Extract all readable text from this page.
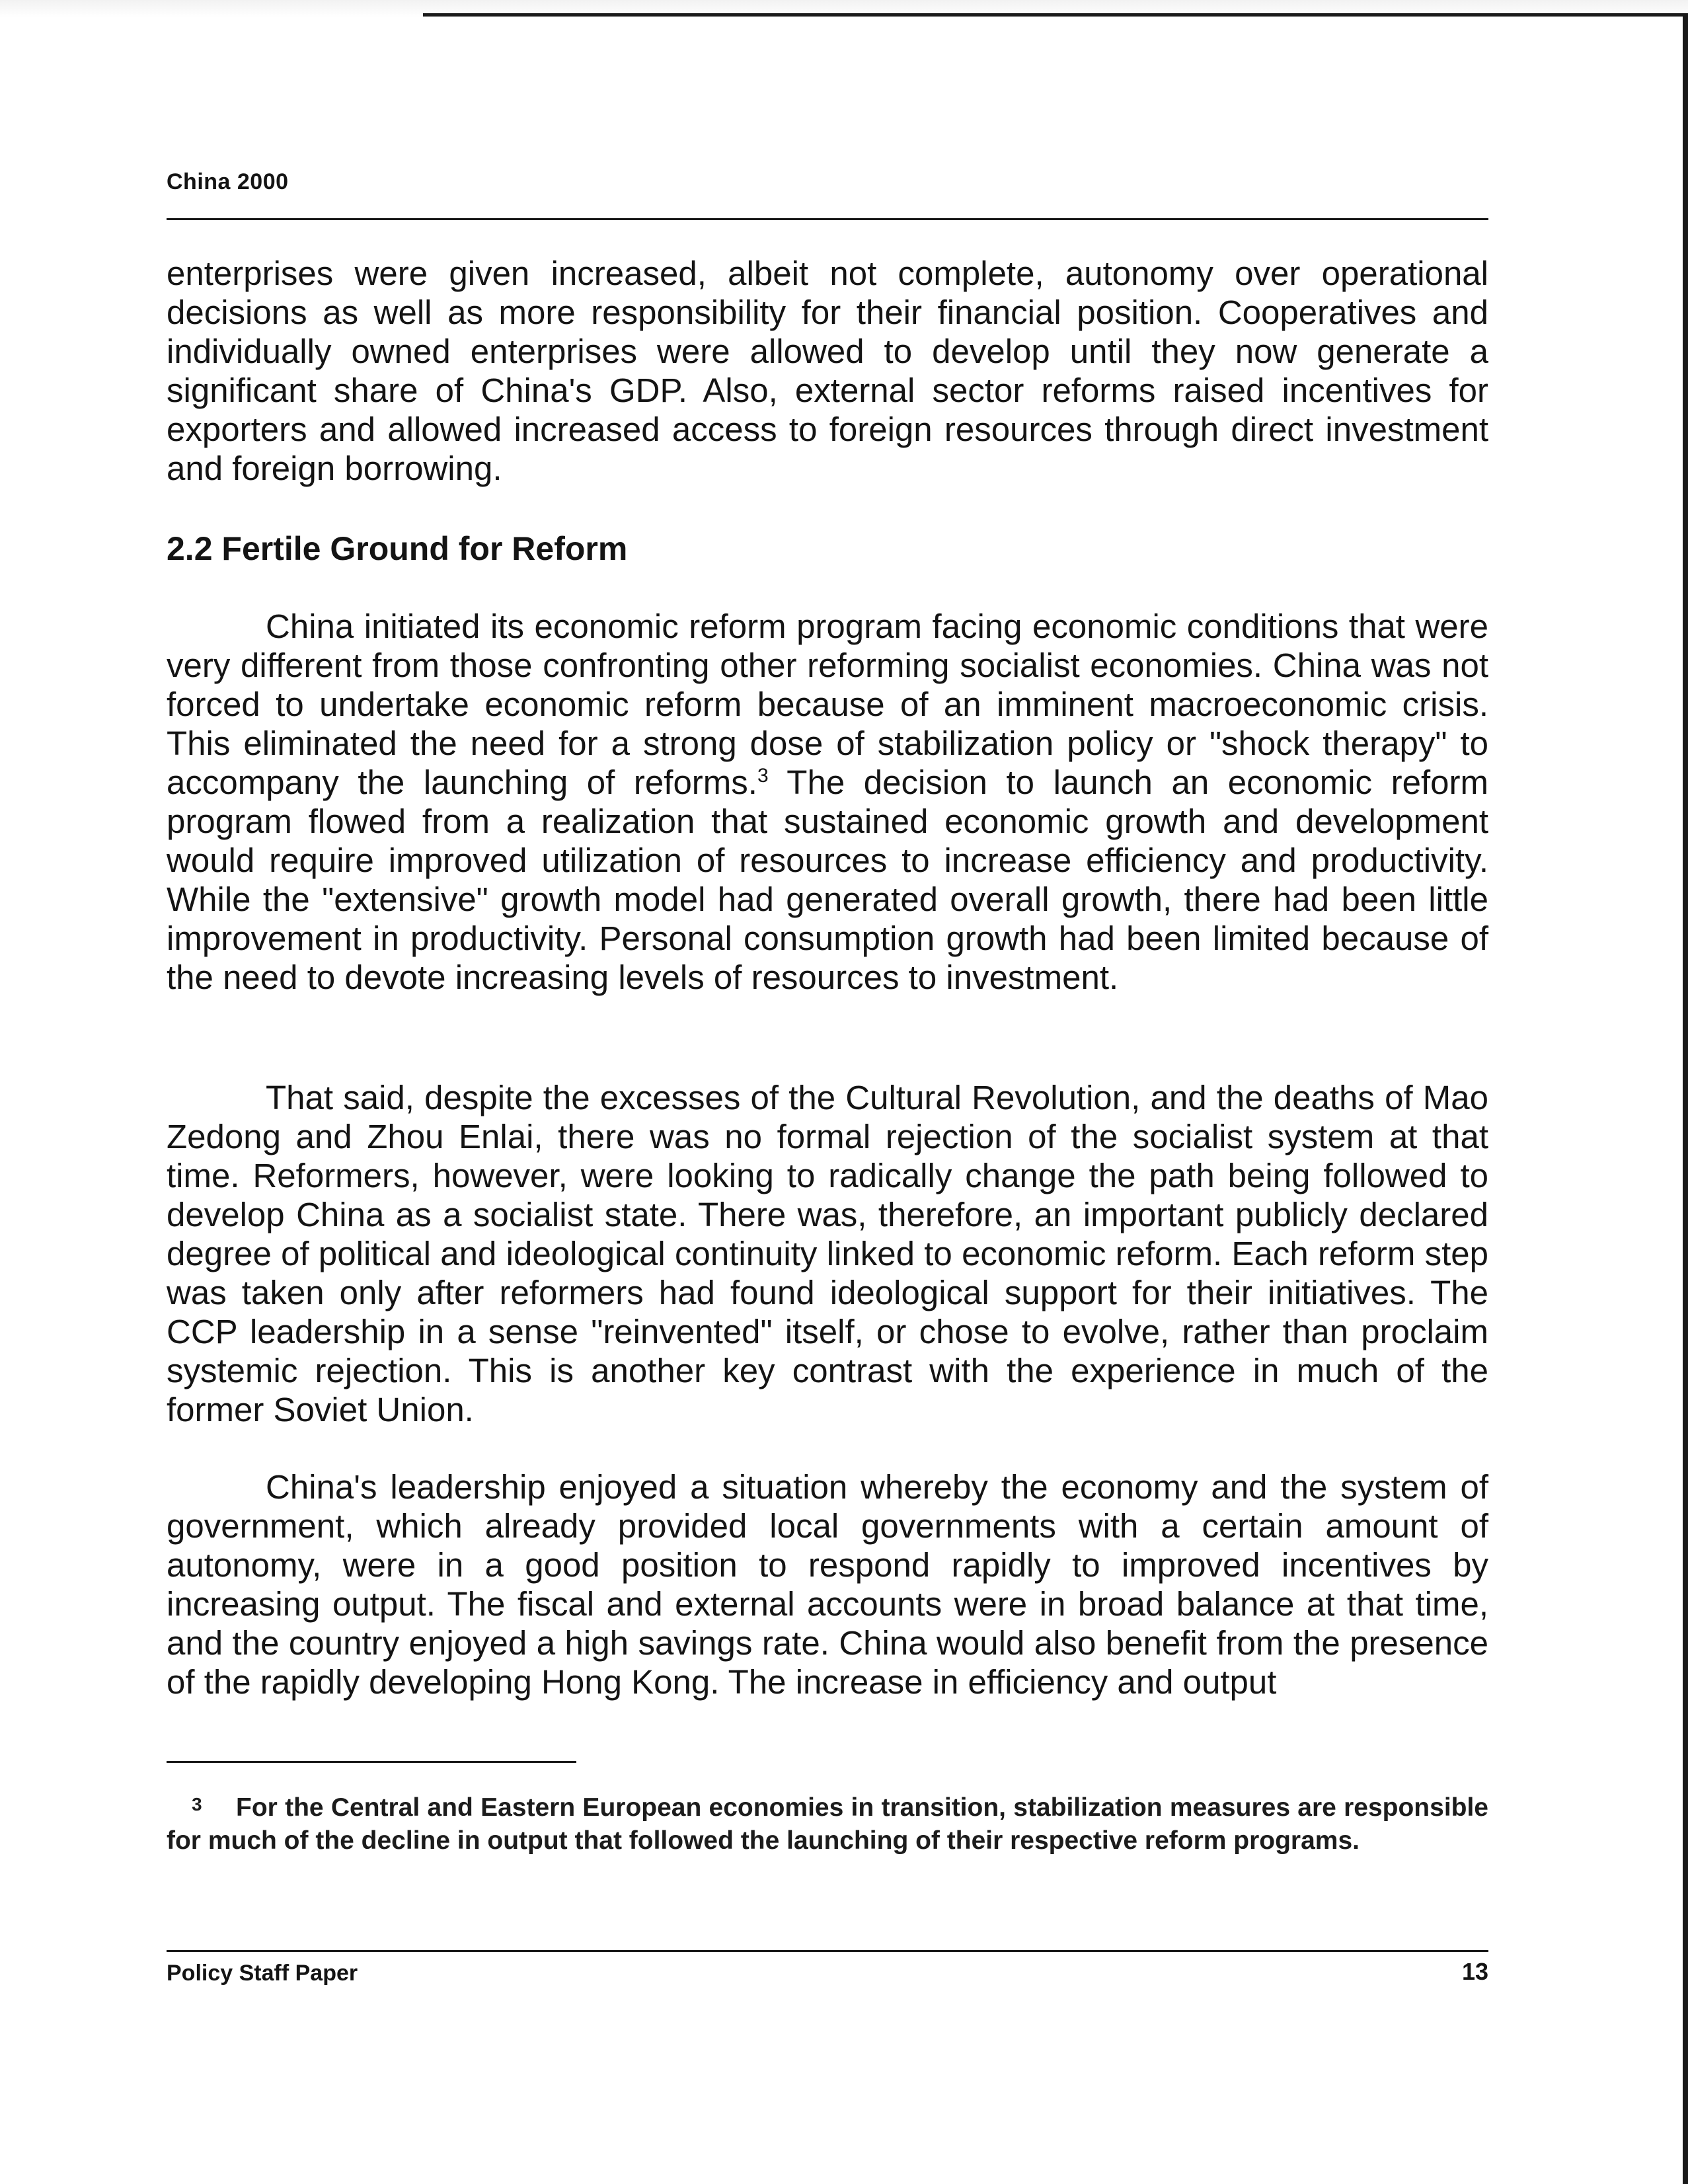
China 2000

enterprises were given increased, albeit not complete, autonomy over operational decisions as well as more responsibility for their financial position. Cooperatives and individually owned enterprises were allowed to develop until they now generate a significant share of China's GDP. Also, external sector reforms raised incentives for exporters and allowed increased access to foreign resources through direct investment and foreign borrowing.

2.2 Fertile Ground for Reform

China initiated its economic reform program facing economic conditions that were very different from those confronting other reforming socialist economies. China was not forced to undertake economic reform because of an imminent macroeconomic crisis. This eliminated the need for a strong dose of stabilization policy or "shock therapy" to accompany the launching of reforms.$^3$ The decision to launch an economic reform program flowed from a realization that sustained economic growth and development would require improved utilization of resources to increase efficiency and productivity. While the "extensive" growth model had generated overall growth, there had been little improvement in productivity. Personal consumption growth had been limited because of the need to devote increasing levels of resources to investment.

That said, despite the excesses of the Cultural Revolution, and the deaths of Mao Zedong and Zhou Enlai, there was no formal rejection of the socialist system at that time. Reformers, however, were looking to radically change the path being followed to develop China as a socialist state. There was, therefore, an important publicly declared degree of political and ideological continuity linked to economic reform. Each reform step was taken only after reformers had found ideological support for their initiatives. The CCP leadership in a sense "reinvented" itself, or chose to evolve, rather than proclaim systemic rejection. This is another key contrast with the experience in much of the former Soviet Union.

China's leadership enjoyed a situation whereby the economy and the system of government, which already provided local governments with a certain amount of autonomy, were in a good position to respond rapidly to improved incentives by increasing output. The fiscal and external accounts were in broad balance at that time, and the country enjoyed a high savings rate. China would also benefit from the presence of the rapidly developing Hong Kong. The increase in efficiency and output

3 For the Central and Eastern European economies in transition, stabilization measures are responsible for much of the decline in output that followed the launching of their respective reform programs.
Policy Staff Paper	13
